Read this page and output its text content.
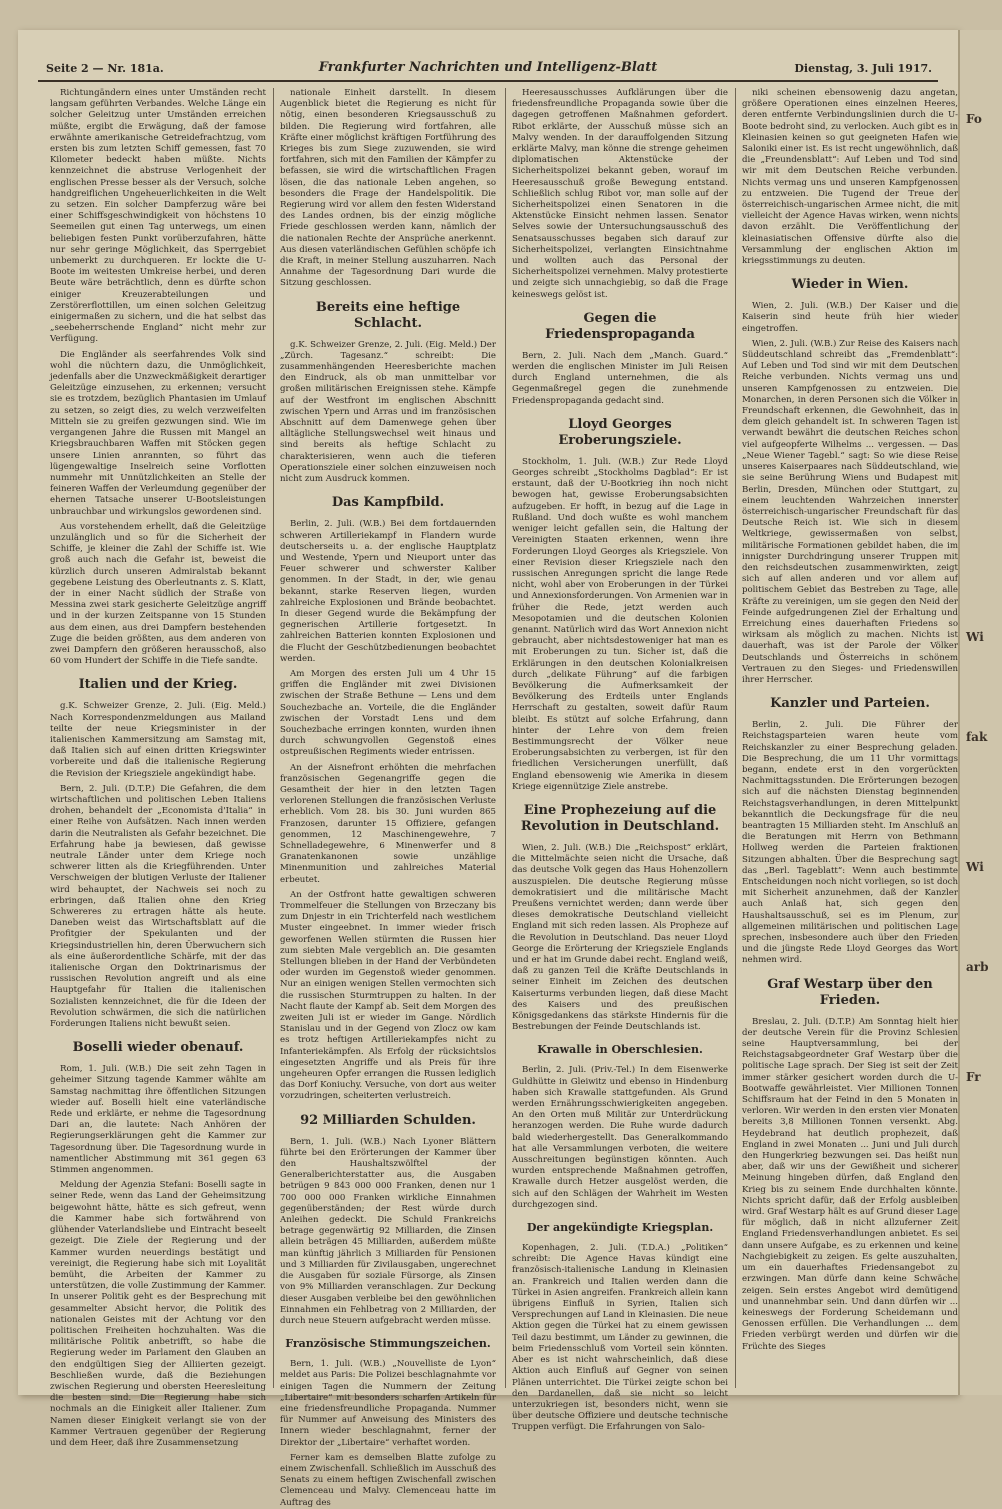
Seite 2 — Nr. 181a.	Frankfurter Nachrichten und Intelligenz-Blatt	Dienstag, 3. Juli 1917.

Richtungändern eines unter Umständen recht langsam geführten Verbandes. Welche Länge ein solcher Geleitzug unter Umständen erreichen müßte, ergibt die Erwägung, daß der famose erwähnte amerikanische Getreidefrachtzug, vom ersten bis zum letzten Schiff gemessen, fast 70 Kilometer bedeckt haben müßte. Nichts kennzeichnet die abstruse Verlogenheit der englischen Presse besser als der Versuch, solche handgreiflichen Ungeheuerlichkeiten in die Welt zu setzen. Ein solcher Dampferzug wäre bei einer Schiffsgeschwindigkeit von höchstens 10 Seemeilen gut einen Tag unterwegs, um einen beliebigen festen Punkt vorüberzufahren, hätte nur sehr geringe Möglichkeit, das Sperrgebiet unbemerkt zu durchqueren. Er lockte die U-Boote im weitesten Umkreise herbei, und deren Beute wäre beträchtlich, denn es dürfte schon einiger Kreuzerabteilungen und Zerstörerflottillen, um einen solchen Geleitzug einigermaßen zu sichern, und die hat selbst das „seebeherrschende England“ nicht mehr zur Verfügung.

Die Engländer als seerfahrendes Volk sind wohl die nüchtern dazu, die Unmöglichkeit, jedenfalls aber die Unzweckmäßigkeit derartiger Geleitzüge einzusehen, zu erkennen; versucht sie es trotzdem, bezüglich Phantasien im Umlauf zu setzen, so zeigt dies, zu welch verzweifelten Mitteln sie zu greifen gezwungen sind. Wie im vergangenen Jahre die Russen mit Mangel an Kriegsbrauchbaren Waffen mit Stöcken gegen unsere Linien anrannten, so führt das lügengewaltige Inselreich seine Vorflotten nummehr mit Unnützlichkeiten an Stelle der feineren Waffen der Verleumdung gegenüber der ehernen Tatsache unserer U-Bootsleistungen unbrauchbar und wirkungslos gewordenen sind.

Aus vorstehendem erhellt, daß die Geleitzüge unzulänglich und so für die Sicherheit der Schiffe, je kleiner die Zahl der Schiffe ist. Wie groß auch nach die Gefahr ist, beweist die kürzlich durch unseren Admiralstab bekannt gegebene Leistung des Oberleutnants z. S. Klatt, der in einer Nacht südlich der Straße von Messina zwei stark gesicherte Geleitzüge angriff und in der kurzen Zeitspanne von 15 Stunden aus dem einen, aus drei Dampfern bestehenden Zuge die beiden größten, aus dem anderen von zwei Dampfern den größeren herausschoß, also 60 vom Hundert der Schiffe in die Tiefe sandte.

Italien und der Krieg.

g.K. Schweizer Grenze, 2. Juli. (Eig. Meld.) Nach Korrespondenzmeldungen aus Mailand teilte der neue Kriegsminister in der italienischen Kammersitzung am Samstag mit, daß Italien sich auf einen dritten Kriegswinter vorbereite und daß die italienische Regierung die Revision der Kriegsziele angekündigt habe.

Bern, 2. Juli. (D.T.P.) Die Gefahren, die dem wirtschaftlichen und politischen Leben Italiens drohen, behandelt der „Economista d'Italia“ in einer Reihe von Aufsätzen. Nach innen werden darin die Neutralisten als Gefahr bezeichnet. Die Erfahrung habe ja bewiesen, daß gewisse neutrale Länder unter dem Kriege noch schwerer litten als die Kriegführenden. Unter Verschweigen der blutigen Verluste der Italiener wird behauptet, der Nachweis sei noch zu erbringen, daß Italien ohne den Krieg Schwereres zu ertragen hätte als heute. Daneben weist das Wirtschaftsblatt auf die Profitgier der Spekulanten und der Kriegsindustriellen hin, deren Überwuchern sich als eine äußerordentliche Schärfe, mit der das italienische Organ den Doktrinarismus der russischen Revolution angreift und als eine Hauptgefahr für Italien die italienischen Sozialisten kennzeichnet, die für die Ideen der Revolution schwärmen, die sich die natürlichen Forderungen Italiens nicht bewußt seien.

Boselli wieder obenauf.

Rom, 1. Juli. (W.B.) Die seit zehn Tagen in geheimer Sitzung tagende Kammer wählte am Samstag nachmittag ihre öffentlichen Sitzungen wieder auf. Boselli hielt eine vaterländische Rede und erklärte, er nehme die Tagesordnung Dari an, die lautete: Nach Anhören der Regierungserklärungen geht die Kammer zur Tagesordnung über. Die Tagesordnung wurde in namentlicher Abstimmung mit 361 gegen 63 Stimmen angenommen.

Meldung der Agenzia Stefani: Boselli sagte in seiner Rede, wenn das Land der Geheimsitzung beigewohnt hätte, hätte es sich gefreut, wenn die Kammer habe sich fortwährend von glühender Vaterlandsliebe und Eintracht beseelt gezeigt. Die Ziele der Regierung und der Kammer wurden neuerdings bestätigt und vereinigt, die Regierung habe sich mit Loyalität bemüht, die Arbeiten der Kammer zu unterstützen, die volle Zustimmung der Kammer. In unserer Politik geht es der Besprechung mit gesammelter Absicht hervor, die Politik des nationalen Geistes mit der Achtung vor den politischen Freiheiten hochzuhalten. Was die militärische Politik anbetrifft, so habe die Regierung weder im Parlament den Glauben an den endgültigen Sieg der Alliierten gezeigt. Beschließen wurde, daß die Beziehungen zwischen Regierung und obersten Heeresleitung die besten sind. Die Regierung habe sich nochmals an die Einigkeit aller Italiener. Zum Namen dieser Einigkeit verlangt sie von der Kammer Vertrauen gegenüber der Regierung und dem Heer, daß ihre Zusammensetzung

nationale Einheit darstellt. In diesem Augenblick bietet die Regierung es nicht für nötig, einen besonderen Kriegsausschuß zu bilden. Die Regierung wird fortfahren, alle Kräfte einer möglichst kräftigen Fortführung des Krieges bis zum Siege zuzuwenden, sie wird fortfahren, sich mit den Familien der Kämpfer zu befassen, sie wird die wirtschaftlichen Fragen lösen, die das nationale Leben angehen, so besonders die Frage der Handelspolitik. Die Regierung wird vor allem den festen Widerstand des Landes ordnen, bis der einzig mögliche Friede geschlossen werden kann, nämlich der die nationalen Rechte der Ansprüche anerkennt. Aus diesen vaterländischen Gefühlen schöpfe ich die Kraft, in meiner Stellung auszuharren. Nach Annahme der Tagesordnung Dari wurde die Sitzung geschlossen.

Bereits eine heftige Schlacht.

g.K. Schweizer Grenze, 2. Juli. (Eig. Meld.) Der „Zürch. Tagesanz.“ schreibt: Die zusammenhängenden Heeresberichte machen den Eindruck, als ob man unmittelbar vor großen militärischen Ereignissen stehe. Kämpfe auf der Westfront im englischen Abschnitt zwischen Ypern und Arras und im französischen Abschnitt auf dem Damenwege gehen über alltägliche Stellungswechsel weit hinaus und sind bereits als heftige Schlacht zu charakterisieren, wenn auch die tieferen Operationsziele einer solchen einzuweisen noch nicht zum Ausdruck kommen.

Das Kampfbild.

Berlin, 2. Juli. (W.B.) Bei dem fortdauernden schweren Artilleriekampf in Flandern wurde deutscherseits u. a. der englische Hauptplatz und Westende, Ypern und Nieuport unter das Feuer schwerer und schwerster Kaliber genommen. In der Stadt, in der, wie genau bekannt, starke Reserven liegen, wurden zahlreiche Explosionen und Brände beobachtet. In dieser Gegend wurde die Bekämpfung der gegnerischen Artillerie fortgesetzt. In zahlreichen Batterien konnten Explosionen und die Flucht der Geschützbedienungen beobachtet werden.

Am Morgen des ersten Juli um 4 Uhr 15 griffen die Engländer mit zwei Divisionen zwischen der Straße Bethune — Lens und dem Souchezbache an. Vorteile, die die Engländer zwischen der Vorstadt Lens und dem Souchezbache erringen konnten, wurden ihnen durch schwungvollen Gegenstoß eines ostpreußischen Regiments wieder entrissen.

An der Aisnefront erhöhten die mehrfachen französischen Gegenangriffe gegen die Gesamtheit der hier in den letzten Tagen verlorenen Stellungen die französischen Verluste erheblich. Vom 28. bis 30. Juni wurden 865 Franzosen, darunter 15 Offiziere, gefangen genommen, 12 Maschinengewehre, 7 Schnelladegewehre, 6 Minenwerfer und 8 Granatenkanonen sowie unzählige Minenmunition und zahlreiches Material erbeutet.

An der Ostfront hatte gewaltigen schweren Trommelfeuer die Stellungen von Brzeczany bis zum Dnjestr in ein Trichterfeld nach westlichem Muster eingeebnet. In immer wieder frisch geworfenen Wellen stürmten die Russen hier zum siebten Male vergeblich an. Die gesamten Stellungen blieben in der Hand der Verbündeten oder wurden im Gegenstoß wieder genommen. Nur an einigen wenigen Stellen vermochten sich die russischen Sturmtruppen zu halten. In der Nacht flaute der Kampf ab. Seit dem Morgen des zweiten Juli ist er wieder im Gange. Nördlich Stanislau und in der Gegend von Zlocz ow kam es trotz heftigen Artilleriekampfes nicht zu Infanteriekämpfen. Als Erfolg der rücksichtslos eingesetzten Angriffe und als Preis für ihre ungeheuren Opfer errangen die Russen lediglich das Dorf Koniuchy. Versuche, von dort aus weiter vorzudringen, scheiterten verlustreich.

92 Milliarden Schulden.

Bern, 1. Juli. (W.B.) Nach Lyoner Blättern führte bei den Erörterungen der Kammer über den Haushaltszwölftel der Generalberichterstatter aus, die Ausgaben betrügen 9 843 000 000 Franken, denen nur 1 700 000 000 Franken wirkliche Einnahmen gegenüberständen; der Rest würde durch Anleihen gedeckt. Die Schuld Frankreichs betrage gegenwärtig 92 Milliarden, die Zinsen allein beträgen 45 Milliarden, außerdem müßte man künftig jährlich 3 Milliarden für Pensionen und 3 Milliarden für Zivilausgaben, ungerechnet die Ausgaben für soziale Fürsorge, als Zinsen von 9% Milliarden veranschlagen. Zur Deckung dieser Ausgaben verbleibe bei den gewöhnlichen Einnahmen ein Fehlbetrag von 2 Milliarden, der durch neue Steuern aufgebracht werden müsse.

Französische Stimmungszeichen.

Bern, 1. Juli. (W.B.) „Nouvelliste de Lyon“ meldet aus Paris: Die Polizei beschlagnahmte vor einigen Tagen die Nummern der Zeitung „Libertaire“ mit besonders scharfen Artikeln für eine friedensfreundliche Propaganda. Nummer für Nummer auf Anweisung des Ministers des Innern wieder beschlagnahmt, ferner der Direktor der „Libertaire“ verhaftet worden.

Ferner kam es demselben Blatte zufolge zu einem Zwischenfall. Schließlich im Ausschuß des Senats zu einem heftigen Zwischenfall zwischen Clemenceau und Malvy. Clemenceau hatte im Auftrag des

Heeresausschusses Aufklärungen über die friedensfreundliche Propaganda sowie über die dagegen getroffenen Maßnahmen gefordert. Ribot erklärte, der Ausschuß müsse sich an Malvy wenden. In der darauffolgenden Sitzung erklärte Malvy, man könne die strenge geheimen diplomatischen Aktenstücke der Sicherheitspolizei bekannt geben, worauf im Heeresausschuß große Bewegung entstand. Schließlich schlug Ribot vor, man solle auf der Sicherheitspolizei einen Senatoren in die Aktenstücke Einsicht nehmen lassen. Senator Selves sowie der Untersuchungsausschuß des Senatsausschusses begaben sich darauf zur Sicherheitspolizei, verlangten Einsichtnahme und wollten auch das Personal der Sicherheitspolizei vernehmen. Malvy protestierte und zeigte sich unnachgiebig, so daß die Frage keineswegs gelöst ist.

Gegen die Friedenspropaganda

Bern, 2. Juli. Nach dem „Manch. Guard.“ werden die englischen Minister im Juli Reisen durch England unternehmen, die als Gegenmaßregel gegen die zunehmende Friedenspropaganda gedacht sind.

Lloyd Georges Eroberungsziele.

Stockholm, 1. Juli. (W.B.) Zur Rede Lloyd Georges schreibt „Stockholms Dagblad“: Er ist erstaunt, daß der U-Bootkrieg ihn noch nicht bewogen hat, gewisse Eroberungsabsichten aufzugeben. Er hofft, in bezug auf die Lage in Rußland. Und doch wußte es wohl manchem weniger leicht gefallen sein, die Haltung der Vereinigten Staaten erkennen, wenn ihre Forderungen Lloyd Georges als Kriegsziele. Von einer Revision dieser Kriegsziele nach den russischen Anregungen spricht die lange Rede nicht, wohl aber von Eroberungen in der Türkei und Annexionsforderungen. Von Armenien war in früher die Rede, jetzt werden auch Mesopotamien und die deutschen Kolonien genannt. Natürlich wird das Wort Annexion nicht gebraucht, aber nichtsdestoweniger hat man es mit Eroberungen zu tun. Sicher ist, daß die Erklärungen in den deutschen Kolonialkreisen durch „delikate Führung“ auf die farbigen Bevölkerung die Aufmerksamkeit der Bevölkerung des Erdteils unter Englands Herrschaft zu gestalten, soweit dafür Raum bleibt. Es stützt auf solche Erfahrung, dann hinter der Lehre von dem freien Bestimmungsrecht der Völker neue Eroberungsabsichten zu verbergen, ist für den friedlichen Versicherungen unerfüllt, daß England ebensowenig wie Amerika in diesem Kriege eigennützige Ziele anstrebe.

Eine Prophezeiung auf die Revolution in Deutschland.

Wien, 2. Juli. (W.B.) Die „Reichspost“ erklärt, die Mittelmächte seien nicht die Ursache, daß das deutsche Volk gegen das Haus Hohenzollern auszuspielen. Die deutsche Regierung müsse demokratisiert und die militärische Macht Preußens vernichtet werden; dann werde über dieses demokratische Deutschland vielleicht England mit sich reden lassen. Als Propheze auf die Revolution in Deutschland. Das neuer Lloyd George die Erörterung der Kriegsziele Englands und er hat im Grunde dabei recht. England weiß, daß zu ganzen Teil die Kräfte Deutschlands in seiner Einheit im Zeichen des deutschen Kaiserturms verbunden liegen, daß diese Macht des Kaisers und des preußischen Königsgedankens das stärkste Hindernis für die Bestrebungen der Feinde Deutschlands ist.

Krawalle in Oberschlesien.

Berlin, 2. Juli. (Priv.-Tel.) In dem Eisenwerke Guldhütte in Gleiwitz und ebenso in Hindenburg haben sich Krawalle stattgefunden. Als Grund werden Ernährungsschwierigkeiten angegeben. An den Orten muß Militär zur Unterdrückung heranzogen werden. Die Ruhe wurde dadurch bald wiederhergestellt. Das Generalkommando hat alle Versammlungen verboten, die weitere Ausschreitungen begünstigen könnten. Auch wurden entsprechende Maßnahmen getroffen, Krawalle durch Hetzer ausgelöst werden, die sich auf den Schlägen der Wahrheit im Westen durchgezogen sind.

Der angekündigte Kriegsplan.

Kopenhagen, 2. Juli. (T.D.A.) „Politiken“ schreibt: Die Agence Havas kündigt eine französisch-italienische Landung in Kleinasien an. Frankreich und Italien werden dann die Türkei in Asien angreifen. Frankreich allein kann übrigens Einfluß in Syrien, Italien sich Versprechungen auf Land in Kleinasien. Die neue Aktion gegen die Türkei hat zu einem gewissen Teil dazu bestimmt, um Länder zu gewinnen, die beim Friedensschluß vom Vorteil sein könnten. Aber es ist nicht wahrscheinlich, daß diese Aktion auch Einfluß auf Gegner von seinen Plänen unterrichtet. Die Türkei zeigte schon bei den Dardanellen, daß sie nicht so leicht unterzukriegen ist, besonders nicht, wenn sie über deutsche Offiziere und deutsche technische Truppen verfügt. Die Erfahrungen von Salo-

niki scheinen ebensowenig dazu angetan, größere Operationen eines einzelnen Heeres, deren entfernte Verbindungslinien durch die U-Boote bedroht sind, zu verlocken. Auch gibt es in Kleinasien keinen so gut geeigneten Hafen wie Saloniki einer ist. Es ist recht ungewöhnlich, daß die „Freundensblatt“: Auf Leben und Tod sind wir mit dem Deutschen Reiche verbunden. Nichts vermag uns und unseren Kampfgenossen zu entzweien. Die Tugend der Treue der österreichisch-ungarischen Armee nicht, die mit vielleicht der Agence Havas wirken, wenn nichts davon erzählt. Die Veröffentlichung der kleinasiatischen Offensive dürfte also die Versammlung der englischen Aktion im kriegsstimmungs zu deuten.

Wieder in Wien.

Wien, 2. Juli. (W.B.) Der Kaiser und die Kaiserin sind heute früh hier wieder eingetroffen.

Wien, 2. Juli. (W.B.) Zur Reise des Kaisers nach Süddeutschland schreibt das „Fremdenblatt“: Auf Leben und Tod sind wir mit dem Deutschen Reiche verbunden. Nichts vermag uns und unseren Kampfgenossen zu entzweien. Die Monarchen, in deren Personen sich die Völker in Freundschaft erkennen, die Gewohnheit, das in dem gleich gehandelt ist. In schweren Tagen ist verwandt bewährt die deutschen Reiches schon viel aufgeopferte Wilhelms ... vergessen. — Das „Neue Wiener Tagebl.“ sagt: So wie diese Reise unseres Kaiserpaares nach Süddeutschland, wie sie seine Berührung Wiens und Budapest mit Berlin, Dresden, München oder Stuttgart, zu einem leuchtenden Wahrzeichen innerster österreichisch-ungarischer Freundschaft für das Deutsche Reich ist. Wie sich in diesem Weltkriege, gewissermaßen von selbst, militärische Formationen gebildet haben, die im innigster Durchdringung unserer Truppen mit den reichsdeutschen zusammenwirkten, zeigt sich auf allen anderen und vor allem auf politischem Gebiet das Bestreben zu Tage, alle Kräfte zu vereinigen, um sie gegen den Neid der Feinde aufgedrungenen Ziel der Erhaltung und Erreichung eines dauerhaften Friedens so wirksam als möglich zu machen. Nichts ist dauerhaft, was ist der Parole der Völker Deutschlands und Österreichs in schönem Vertrauen zu den Sieges- und Friedenswillen ihrer Herrscher.

Kanzler und Parteien.

Berlin, 2. Juli. Die Führer der Reichstagsparteien waren heute vom Reichskanzler zu einer Besprechung geladen. Die Besprechung, die um 11 Uhr vormittags begann, endete erst in den vorgerückten Nachmittagsstunden. Die Erörterungen bezogen sich auf die nächsten Dienstag beginnenden Reichstagsverhandlungen, in deren Mittelpunkt bekanntlich die Deckungsfrage für die neu beantragten 15 Milliarden steht. Im Anschluß an die Beratungen mit Herrn von Bethmann Hollweg werden die Parteien fraktionen Sitzungen abhalten. Über die Besprechung sagt das „Berl. Tageblatt“: Wenn auch bestimmte Entscheidungen noch nicht vorliegen, so ist doch mit Sicherheit anzunehmen, daß der Kanzler auch Anlaß hat, sich gegen den Haushaltsausschuß, sei es im Plenum, zur allgemeinen militärischen und politischen Lage sprechen, insbesondere auch über den Frieden und die jüngste Rede Lloyd Georges das Wort nehmen wird.

Graf Westarp über den Frieden.

Breslau, 2. Juli. (D.T.P.) Am Sonntag hielt hier der deutsche Verein für die Provinz Schlesien seine Hauptversammlung, bei der Reichstagsabgeordneter Graf Westarp über die politische Lage sprach. Der Sieg ist seit der Zeit immer stärker gesichert worden durch die U-Bootwaffe gewährleistet. Vier Millionen Tonnen Schiffsraum hat der Feind in den 5 Monaten in verloren. Wir werden in den ersten vier Monaten bereits 3,8 Millionen Tonnen versenkt. Abg. Heydebrand hat deutlich prophezeit, daß England in zwei Monaten ... Juni und Juli durch den Hungerkrieg bezwungen sei. Das heißt nun aber, daß wir uns der Gewißheit und sicherer Meinung hingeben dürfen, daß England den Krieg bis zu seinem Ende durchhalten könnte. Nichts spricht dafür, daß der Erfolg ausbleiben wird. Graf Westarp hält es auf Grund dieser Lage für möglich, daß in nicht allzuferner Zeit England Friedensverhandlungen anbietet. Es sei dann unsere Aufgabe, es zu erkennen und keine Nachgiebigkeit zu zeigen. Es gelte auszuhalten, um ein dauerhaftes Friedensangebot zu erzwingen. Man dürfe dann keine Schwäche zeigen. Sein erstes Angebot wird demütigend und unannehmbar sein. Und dann dürfen wir ... keineswegs der Forderung Scheidemann und Genossen erfüllen. Die Verhandlungen ... dem Frieden verbürgt werden und dürfen wir die Früchte des Sieges

Fo
Wi
fak
Wi
arb
Fr
